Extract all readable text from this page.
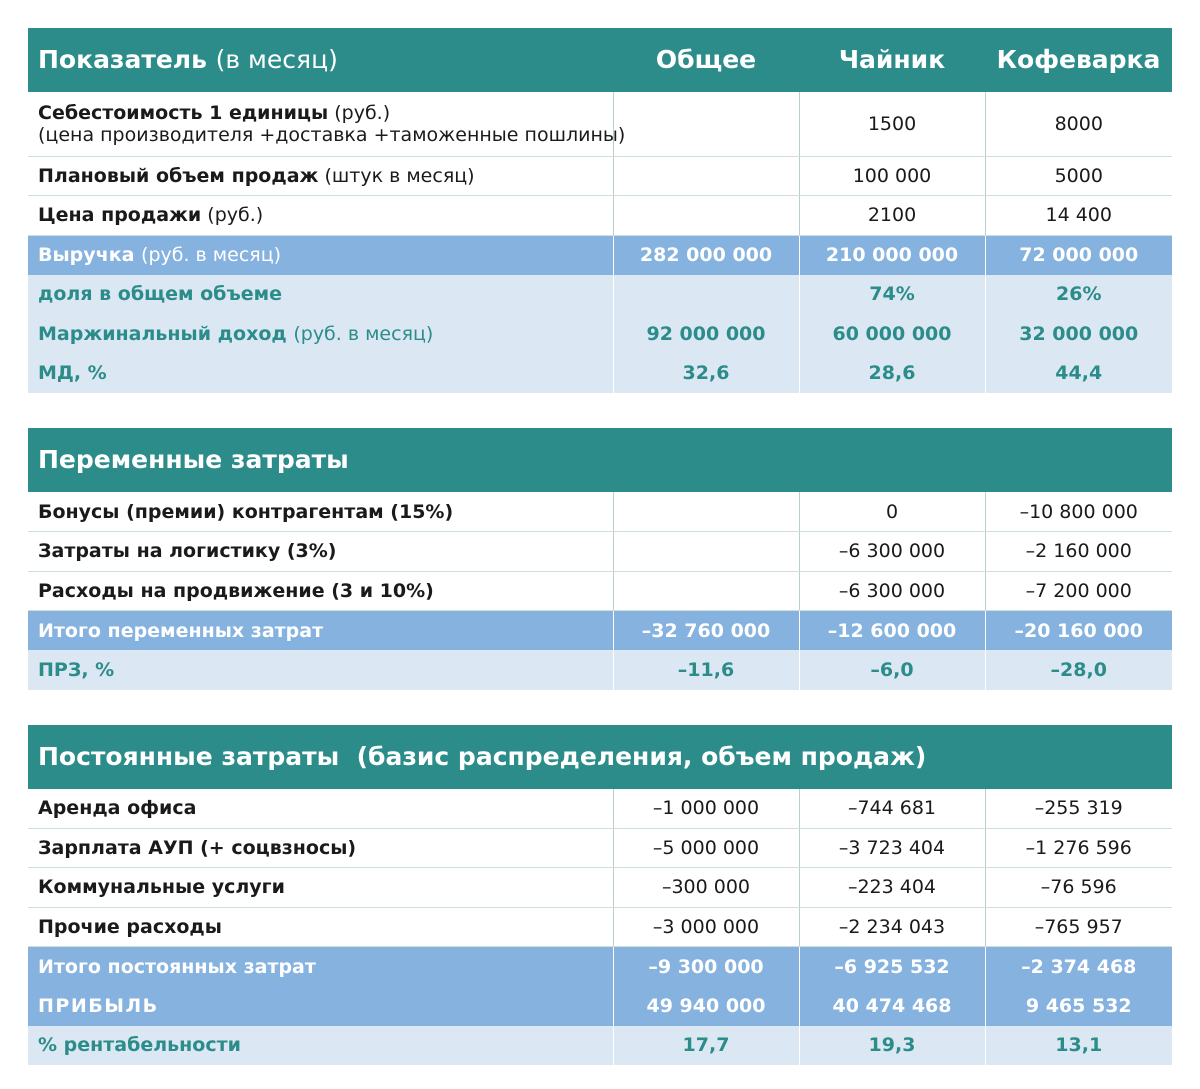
Показатель (в месяц)	Общее	Чайник	Кофеварка
Себестоимость 1 единицы (руб.)
(цена производителя +доставка +таможенные пошлины)		1500	8000
Плановый объем продаж (штук в месяц)		100 000	5000
Цена продажи (руб.)		2100	14 400
Выручка (руб. в месяц)	282 000 000	210 000 000	72 000 000
доля в общем объеме		74%	26%
Маржинальный доход (руб. в месяц)	92 000 000	60 000 000	32 000 000
МД, %	32,6	28,6	44,4

Переменные затраты			
Бонусы (премии) контрагентам (15%)		0	–10 800 000
Затраты на логистику (3%)		–6 300 000	–2 160 000
Расходы на продвижение (3 и 10%)		–6 300 000	–7 200 000
Итого переменных затрат	–32 760 000	–12 600 000	–20 160 000
ПРЗ, %	–11,6	–6,0	–28,0

Постоянные затраты  (базис распределения, объем продаж)			
Аренда офиса	–1 000 000	–744 681	–255 319
Зарплата АУП (+ соцвзносы)	–5 000 000	–3 723 404	–1 276 596
Коммунальные услуги	–300 000	–223 404	–76 596
Прочие расходы	–3 000 000	–2 234 043	–765 957
Итого постоянных затрат	–9 300 000	–6 925 532	–2 374 468
ПРИБЫЛЬ	49 940 000	40 474 468	9 465 532
% рентабельности	17,7	19,3	13,1
